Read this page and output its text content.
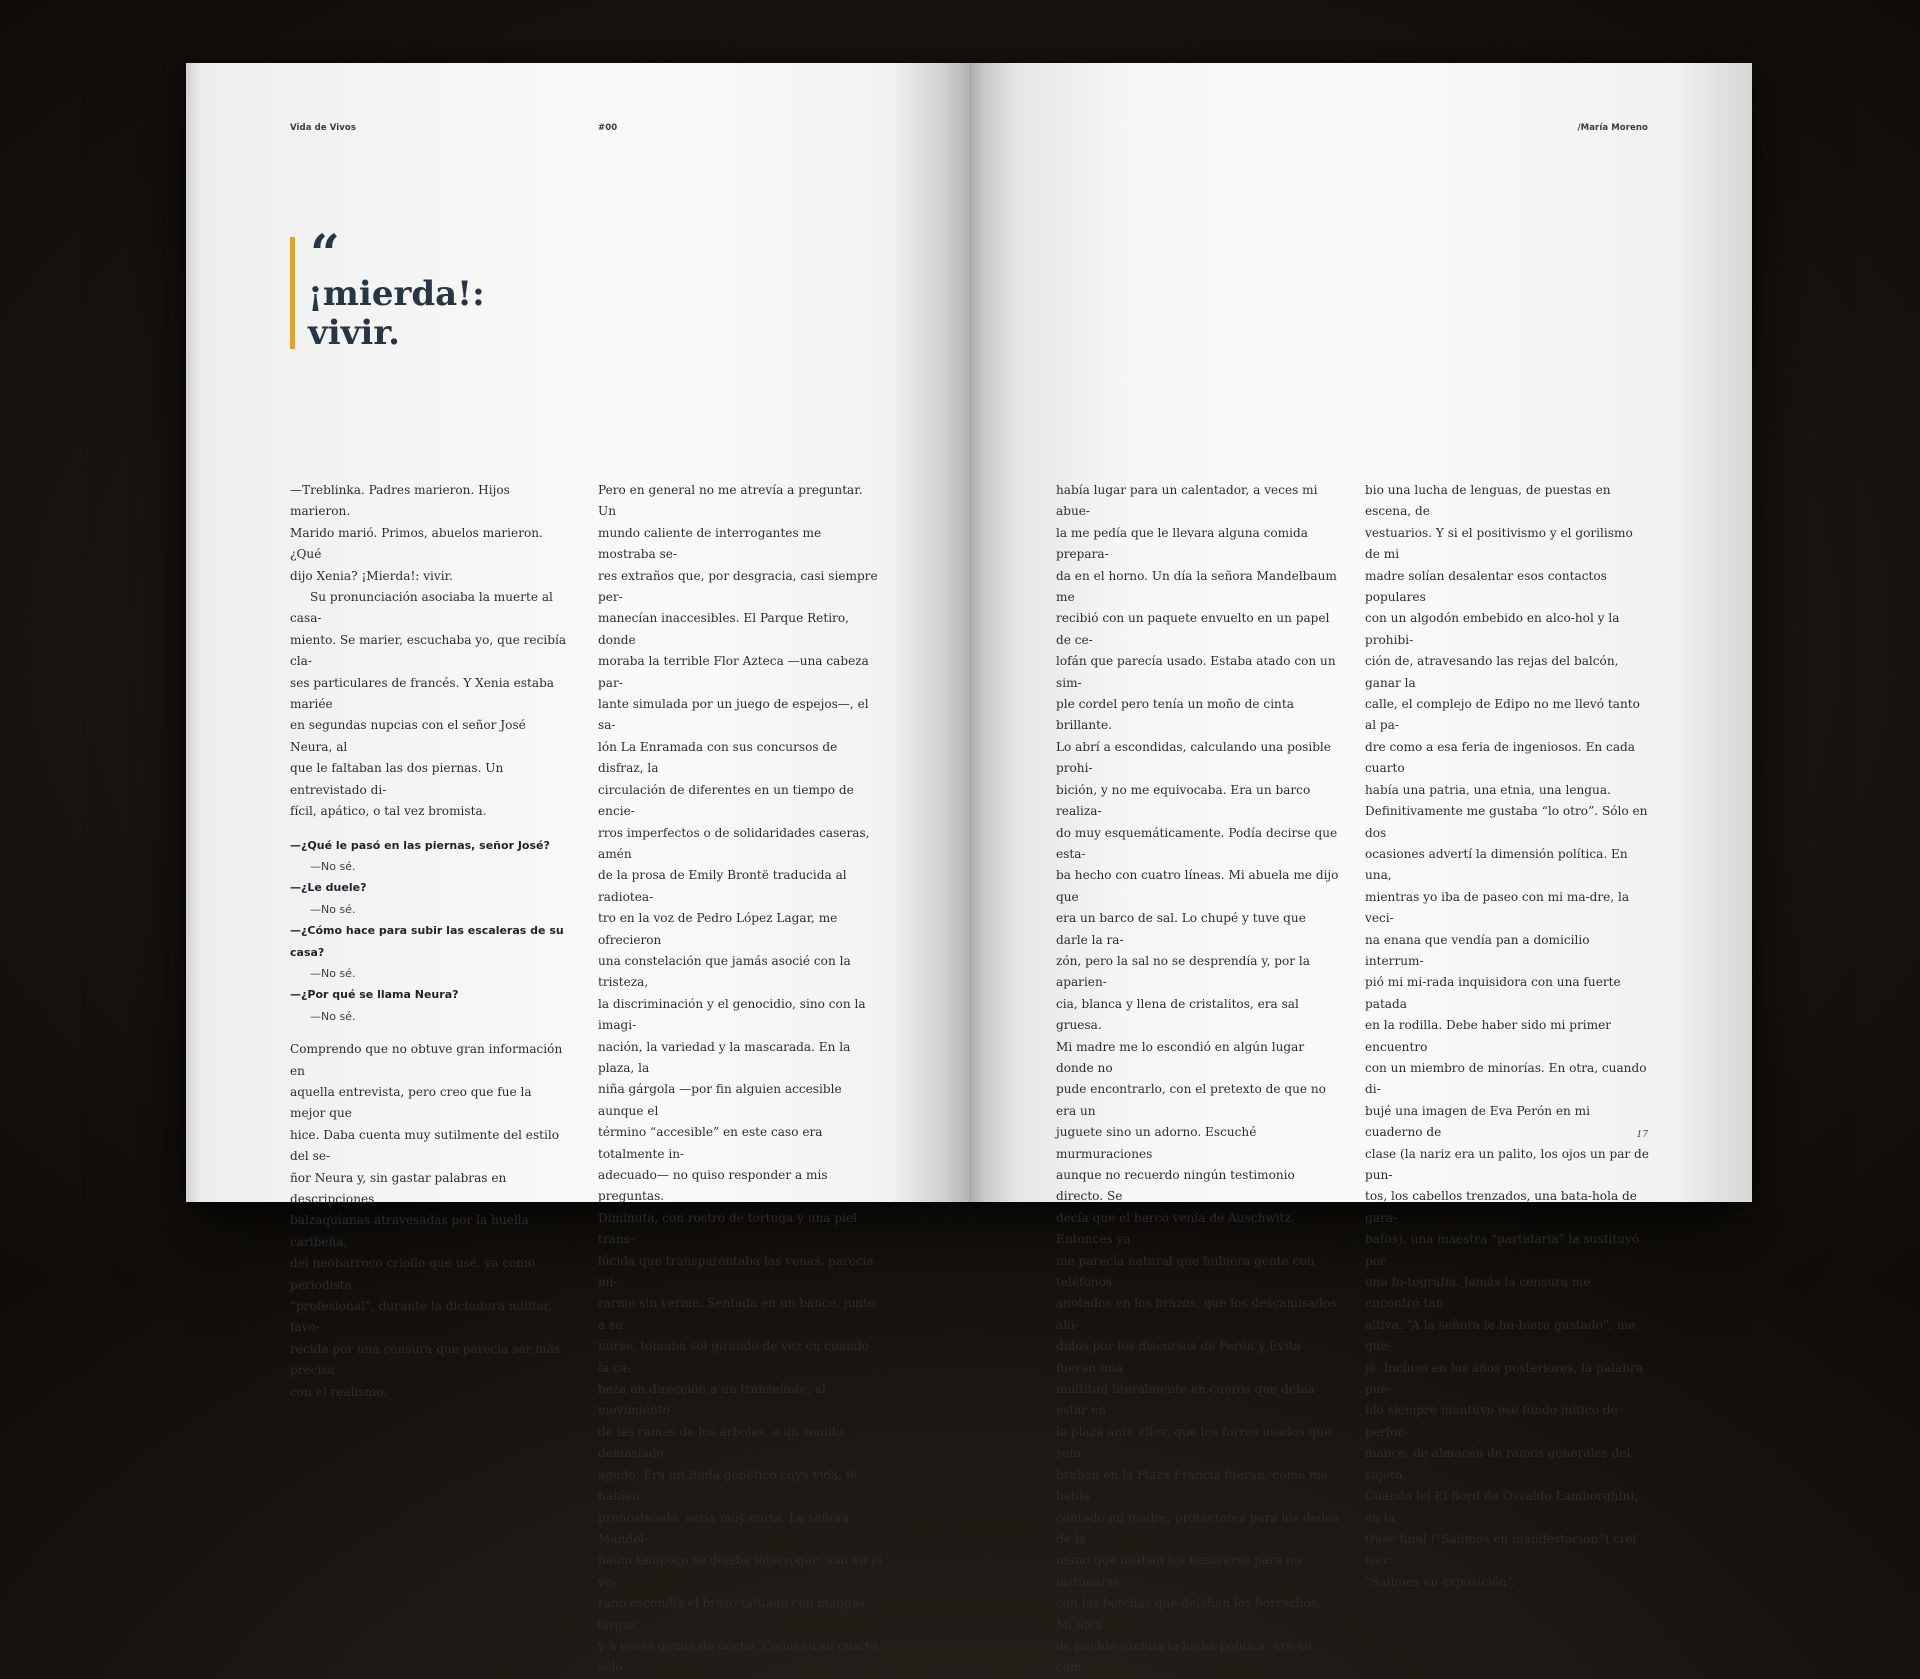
Vida de Vivos	#00
“
¡mierda!: vivir.

—Treblinka. Padres marieron. Hijos marieron.
Marido marió. Primos, abuelos marieron. ¿Qué
dijo Xenia? ¡Mierda!: vivir.

Su pronunciación asociaba la muerte al casa-
miento. Se marier, escuchaba yo, que recibía cla-
ses particulares de francés. Y Xenia estaba mariée
en segundas nupcias con el señor José Neura, al
que le faltaban las dos piernas. Un entrevistado di-
fícil, apático, o tal vez bromista.

—¿Qué le pasó en las piernas, señor José?
—No sé.
—¿Le duele?
—No sé.
—¿Cómo hace para subir las escaleras de su casa?
—No sé.
—¿Por qué se llama Neura?
—No sé.

Comprendo que no obtuve gran información en
aquella entrevista, pero creo que fue la mejor que
hice. Daba cuenta muy sutilmente del estilo del se-
ñor Neura y, sin gastar palabras en descripciones
balzaquianas atravesadas por la huella caribeña,
del neobarroco criollo que usé, ya como periodista
“profesional”, durante la dictadura militar, favo-
recida por una censura que parecía ser más precisa
con el realismo.

Pero en general no me atrevía a preguntar. Un
mundo caliente de interrogantes me mostraba se-
res extraños que, por desgracia, casi siempre per-
manecían inaccesibles. El Parque Retiro, donde
moraba la terrible Flor Azteca —una cabeza par-
lante simulada por un juego de espejos—, el sa-
lón La Enramada con sus concursos de disfraz, la
circulación de diferentes en un tiempo de encie-
rros imperfectos o de solidaridades caseras, amén
de la prosa de Emily Brontë traducida al radiotea-
tro en la voz de Pedro López Lagar, me ofrecieron
una constelación que jamás asocié con la tristeza,
la discriminación y el genocidio, sino con la imagi-
nación, la variedad y la mascarada. En la plaza, la
niña gárgola —por fin alguien accesible aunque el
término “accesible” en este caso era totalmente in-
adecuado— no quiso responder a mis preguntas.
Diminuta, con rostro de tortuga y una piel trans-
lúcida que transparentaba las venas, parecía mi-
rarme sin verme. Sentada en un banco, junto a su
nurse, tomaba sol girando de vez en cuando la ca-
beza en dirección a un transeúnte, al movimiento
de las ramas de los árboles, a un sonido demasiado
agudo. Era un Buda genético cuya vida, le habían
pronosticado, sería muy corta. La señora Mandel-
baum tampoco se dejaba interrogar: aun en el ve-
rano escondía el brazo tatuado con mangas largas
y a veces gemía de noche. Como en su cuarto sólo

/María Moreno

había lugar para un calentador, a veces mi abue-
la me pedía que le llevara alguna comida prepara-
da en el horno. Un día la señora Mandelbaum me
recibió con un paquete envuelto en un papel de ce-
lofán que parecía usado. Estaba atado con un sim-
ple cordel pero tenía un moño de cinta brillante.
Lo abrí a escondidas, calculando una posible prohi-
bición, y no me equivocaba. Era un barco realiza-
do muy esquemáticamente. Podía decirse que esta-
ba hecho con cuatro líneas. Mi abuela me dijo que
era un barco de sal. Lo chupé y tuve que darle la ra-
zón, pero la sal no se desprendía y, por la aparien-
cia, blanca y llena de cristalitos, era sal gruesa.
Mi madre me lo escondió en algún lugar donde no
pude encontrarlo, con el pretexto de que no era un
juguete sino un adorno. Escuché murmuraciones
aunque no recuerdo ningún testimonio directo. Se
decía que el barco venía de Auschwitz. Entonces ya
me parecía natural que hubiera gente con teléfonos
anotados en los brazos, que los descamisados alu-
didos por los discursos de Perón y Evita fueran una
multitud literalmente en cueros que debía estar en
la plaza ante ellos, que los forros usados que sem-
braban en la Plaza Francia fueran, como me había
contado mi madre, protectores para los dedos de la
mano que usaban los basureros para no lastimarse
con las botellas que dejaban los borrachos. Mi idea
de pueblo excluía la lucha política: era en cam-

bio una lucha de lenguas, de puestas en escena, de
vestuarios. Y si el positivismo y el gorilismo de mi
madre solían desalentar esos contactos populares
con un algodón embebido en alco-hol y la prohibi-
ción de, atravesando las rejas del balcón, ganar la
calle, el complejo de Edipo no me llevó tanto al pa-
dre como a esa feria de ingeniosos. En cada cuarto
había una patria, una etnia, una lengua.
Definitivamente me gustaba “lo otro”. Sólo en dos
ocasiones advertí la dimensión política. En una,
mientras yo iba de paseo con mi ma-dre, la veci-
na enana que vendía pan a domicilio interrum-
pió mi mi-rada inquisidora con una fuerte patada
en la rodilla. Debe haber sido mi primer encuentro
con un miembro de minorías. En otra, cuando di-
bujé una imagen de Eva Perón en mi cuaderno de
clase (la nariz era un palito, los ojos un par de pun-
tos, los cabellos trenzados, una bata-hola de gara-
batos), una maestra “partidaria” la sustituyó por
una fo-tografía. Jamás la censura me encontró tan
altiva. “A la señora le hu-biera gustado”, me que-
jé. Incluso en los años posteriores, la palabra pue-
blo siempre mantuvo ese fondo mítico de perfor-
mance, de almacén de ramos generales del sujeto.
Cuando leí El fiord de Osvaldo Lamborghini, en la
frase final (“Salimos en manifestación”) creí leer:
“Salimos en exposición”.

17
